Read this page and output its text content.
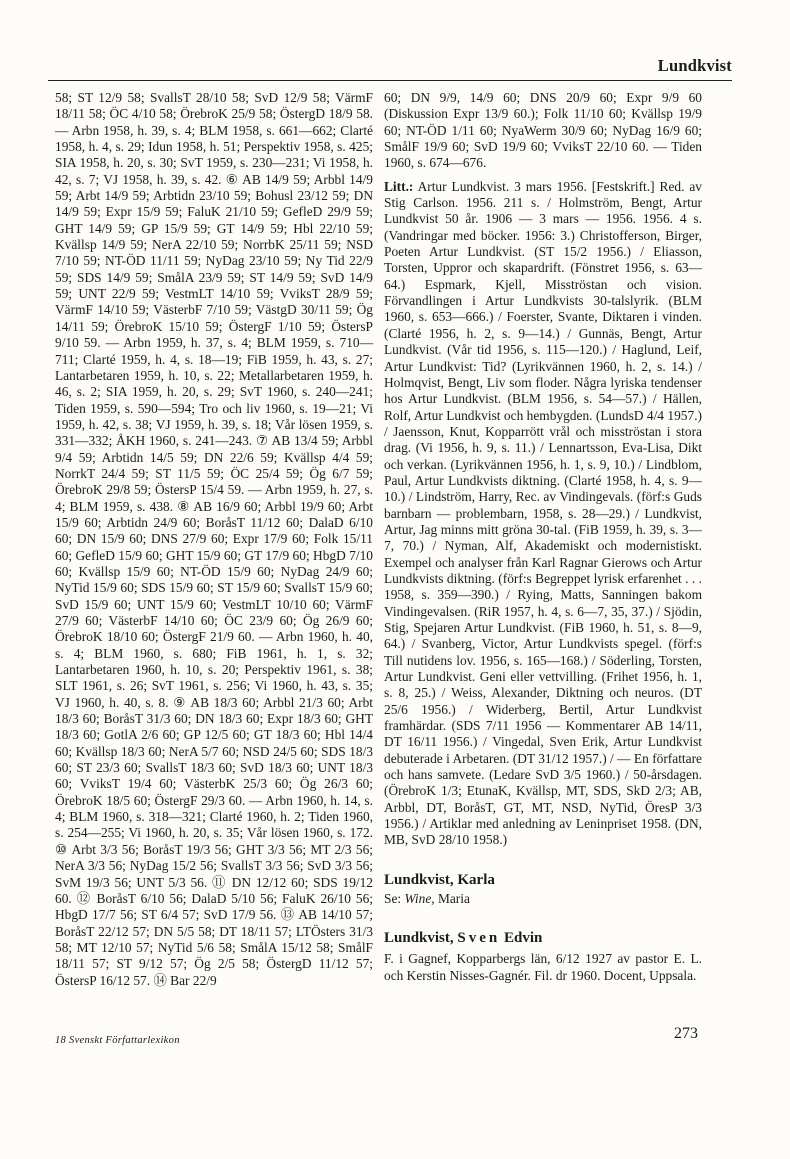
Lundkvist

58; ST 12/9 58; SvallsT 28/10 58; SvD 12/9 58; VärmF 18/11 58; ÖC 4/10 58; ÖrebroK 25/9 58; ÖstergD 18/9 58. — Arbn 1958, h. 39, s. 4; BLM 1958, s. 661—662; Clarté 1958, h. 4, s. 29; Idun 1958, h. 51; Perspektiv 1958, s. 425; SIA 1958, h. 20, s. 30; SvT 1959, s. 230—231; Vi 1958, h. 42, s. 7; VJ 1958, h. 39, s. 42. ⑥ AB 14/9 59; Arbbl 14/9 59; Arbt 14/9 59; Arbtidn 23/10 59; Bohusl 23/12 59; DN 14/9 59; Expr 15/9 59; FaluK 21/10 59; GefleD 29/9 59; GHT 14/9 59; GP 15/9 59; GT 14/9 59; Hbl 22/10 59; Kvällsp 14/9 59; NerA 22/10 59; NorrbK 25/11 59; NSD 7/10 59; NT-ÖD 11/11 59; NyDag 23/10 59; Ny Tid 22/9 59; SDS 14/9 59; SmålA 23/9 59; ST 14/9 59; SvD 14/9 59; UNT 22/9 59; VestmLT 14/10 59; VviksT 28/9 59; VärmF 14/10 59; VästerbF 7/10 59; VästgD 30/11 59; Ög 14/11 59; ÖrebroK 15/10 59; ÖstergF 1/10 59; ÖstersP 9/10 59. — Arbn 1959, h. 37, s. 4; BLM 1959, s. 710—711; Clarté 1959, h. 4, s. 18—19; FiB 1959, h. 43, s. 27; Lantarbetaren 1959, h. 10, s. 22; Metallarbetaren 1959, h. 46, s. 2; SIA 1959, h. 20, s. 29; SvT 1960, s. 240—241; Tiden 1959, s. 590—594; Tro och liv 1960, s. 19—21; Vi 1959, h. 42, s. 38; VJ 1959, h. 39, s. 18; Vår lösen 1959, s. 331—332; ÅKH 1960, s. 241—243. ⑦ AB 13/4 59; Arbbl 9/4 59; Arbtidn 14/5 59; DN 22/6 59; Kvällsp 4/4 59; NorrkT 24/4 59; ST 11/5 59; ÖC 25/4 59; Ög 6/7 59; ÖrebroK 29/8 59; ÖstersP 15/4 59. — Arbn 1959, h. 27, s. 4; BLM 1959, s. 438. ⑧ AB 16/9 60; Arbbl 19/9 60; Arbt 15/9 60; Arbtidn 24/9 60; BoråsT 11/12 60; DalaD 6/10 60; DN 15/9 60; DNS 27/9 60; Expr 17/9 60; Folk 15/11 60; GefleD 15/9 60; GHT 15/9 60; GT 17/9 60; HbgD 7/10 60; Kvällsp 15/9 60; NT-ÖD 15/9 60; NyDag 24/9 60; NyTid 15/9 60; SDS 15/9 60; ST 15/9 60; SvallsT 15/9 60; SvD 15/9 60; UNT 15/9 60; VestmLT 10/10 60; VärmF 27/9 60; VästerbF 14/10 60; ÖC 23/9 60; Ög 26/9 60; ÖrebroK 18/10 60; ÖstergF 21/9 60. — Arbn 1960, h. 40, s. 4; BLM 1960, s. 680; FiB 1961, h. 1, s. 32; Lantarbetaren 1960, h. 10, s. 20; Perspektiv 1961, s. 38; SLT 1961, s. 26; SvT 1961, s. 256; Vi 1960, h. 43, s. 35; VJ 1960, h. 40, s. 8. ⑨ AB 18/3 60; Arbbl 21/3 60; Arbt 18/3 60; BoråsT 31/3 60; DN 18/3 60; Expr 18/3 60; GHT 18/3 60; GotlA 2/6 60; GP 12/5 60; GT 18/3 60; Hbl 14/4 60; Kvällsp 18/3 60; NerA 5/7 60; NSD 24/5 60; SDS 18/3 60; ST 23/3 60; SvallsT 18/3 60; SvD 18/3 60; UNT 18/3 60; VviksT 19/4 60; VästerbK 25/3 60; Ög 26/3 60; ÖrebroK 18/5 60; ÖstergF 29/3 60. — Arbn 1960, h. 14, s. 4; BLM 1960, s. 318—321; Clarté 1960, h. 2; Tiden 1960, s. 254—255; Vi 1960, h. 20, s. 35; Vår lösen 1960, s. 172. ⑩ Arbt 3/3 56; BoråsT 19/3 56; GHT 3/3 56; MT 2/3 56; NerA 3/3 56; NyDag 15/2 56; SvallsT 3/3 56; SvD 3/3 56; SvM 19/3 56; UNT 5/3 56. ⑪ DN 12/12 60; SDS 19/12 60. ⑫ BoråsT 6/10 56; DalaD 5/10 56; FaluK 26/10 56; HbgD 17/7 56; ST 6/4 57; SvD 17/9 56. ⑬ AB 14/10 57; BoråsT 22/12 57; DN 5/5 58; DT 18/11 57; LTÖsters 31/3 58; MT 12/10 57; NyTid 5/6 58; SmålA 15/12 58; SmålF 18/11 57; ST 9/12 57; Ög 2/5 58; ÖstergD 11/12 57; ÖstersP 16/12 57. ⑭ Bar 22/9

60; DN 9/9, 14/9 60; DNS 20/9 60; Expr 9/9 60 (Diskussion Expr 13/9 60.); Folk 11/10 60; Kvällsp 19/9 60; NT-ÖD 1/11 60; NyaWerm 30/9 60; NyDag 16/9 60; SmålF 19/9 60; SvD 19/9 60; VviksT 22/10 60. — Tiden 1960, s. 674—676.

Litt.: Artur Lundkvist. 3 mars 1956. [Festskrift.] Red. av Stig Carlson. 1956. 211 s. / Holmström, Bengt, Artur Lundkvist 50 år. 1906 — 3 mars — 1956. 1956. 4 s. (Vandringar med böcker. 1956: 3.) Christofferson, Birger, Poeten Artur Lundkvist. (ST 15/2 1956.) / Eliasson, Torsten, Uppror och skapardrift. (Fönstret 1956, s. 63—64.) Espmark, Kjell, Misströstan och vision. Förvandlingen i Artur Lundkvists 30-talslyrik. (BLM 1960, s. 653—666.) / Foerster, Svante, Diktaren i vinden. (Clarté 1956, h. 2, s. 9—14.) / Gunnäs, Bengt, Artur Lundkvist. (Vår tid 1956, s. 115—120.) / Haglund, Leif, Artur Lundkvist: Tid? (Lyrikvännen 1960, h. 2, s. 14.) / Holmqvist, Bengt, Liv som floder. Några lyriska tendenser hos Artur Lundkvist. (BLM 1956, s. 54—57.) / Hällen, Rolf, Artur Lundkvist och hembygden. (LundsD 4/4 1957.) / Jaensson, Knut, Kopparrött vrål och misströstan i stora drag. (Vi 1956, h. 9, s. 11.) / Lennartsson, Eva-Lisa, Dikt och verkan. (Lyrikvännen 1956, h. 1, s. 9, 10.) / Lindblom, Paul, Artur Lundkvists diktning. (Clarté 1958, h. 4, s. 9—10.) / Lindström, Harry, Rec. av Vindingevals. (förf:s Guds barnbarn — problembarn, 1958, s. 28—29.) / Lundkvist, Artur, Jag minns mitt gröna 30-tal. (FiB 1959, h. 39, s. 3—7, 70.) / Nyman, Alf, Akademiskt och modernistiskt. Exempel och analyser från Karl Ragnar Gierows och Artur Lundkvists diktning. (förf:s Begreppet lyrisk erfarenhet . . . 1958, s. 359—390.) / Rying, Matts, Sanningen bakom Vindingevalsen. (RiR 1957, h. 4, s. 6—7, 35, 37.) / Sjödin, Stig, Spejaren Artur Lundkvist. (FiB 1960, h. 51, s. 8—9, 64.) / Svanberg, Victor, Artur Lundkvists spegel. (förf:s Till nutidens lov. 1956, s. 165—168.) / Söderling, Torsten, Artur Lundkvist. Geni eller vettvilling. (Frihet 1956, h. 1, s. 8, 25.) / Weiss, Alexander, Diktning och neuros. (DT 25/6 1956.) / Widerberg, Bertil, Artur Lundkvist framhärdar. (SDS 7/11 1956 — Kommentarer AB 14/11, DT 16/11 1956.) / Vingedal, Sven Erik, Artur Lundkvist debuterade i Arbetaren. (DT 31/12 1957.) / — En författare och hans samvete. (Ledare SvD 3/5 1960.) / 50-årsdagen. (ÖrebroK 1/3; EtunaK, Kvällsp, MT, SDS, SkD 2/3; AB, Arbbl, DT, BoråsT, GT, MT, NSD, NyTid, ÖresP 3/3 1956.) / Artiklar med anledning av Leninpriset 1958. (DN, MB, SvD 28/10 1958.)

Lundkvist, Karla

Se: Wine, Maria

Lundkvist, Sven Edvin

F. i Gagnef, Kopparbergs län, 6/12 1927 av pastor E. L. och Kerstin Nisses-Gagnér. Fil. dr 1960. Docent, Uppsala.

18 Svenskt Författarlexikon	273
